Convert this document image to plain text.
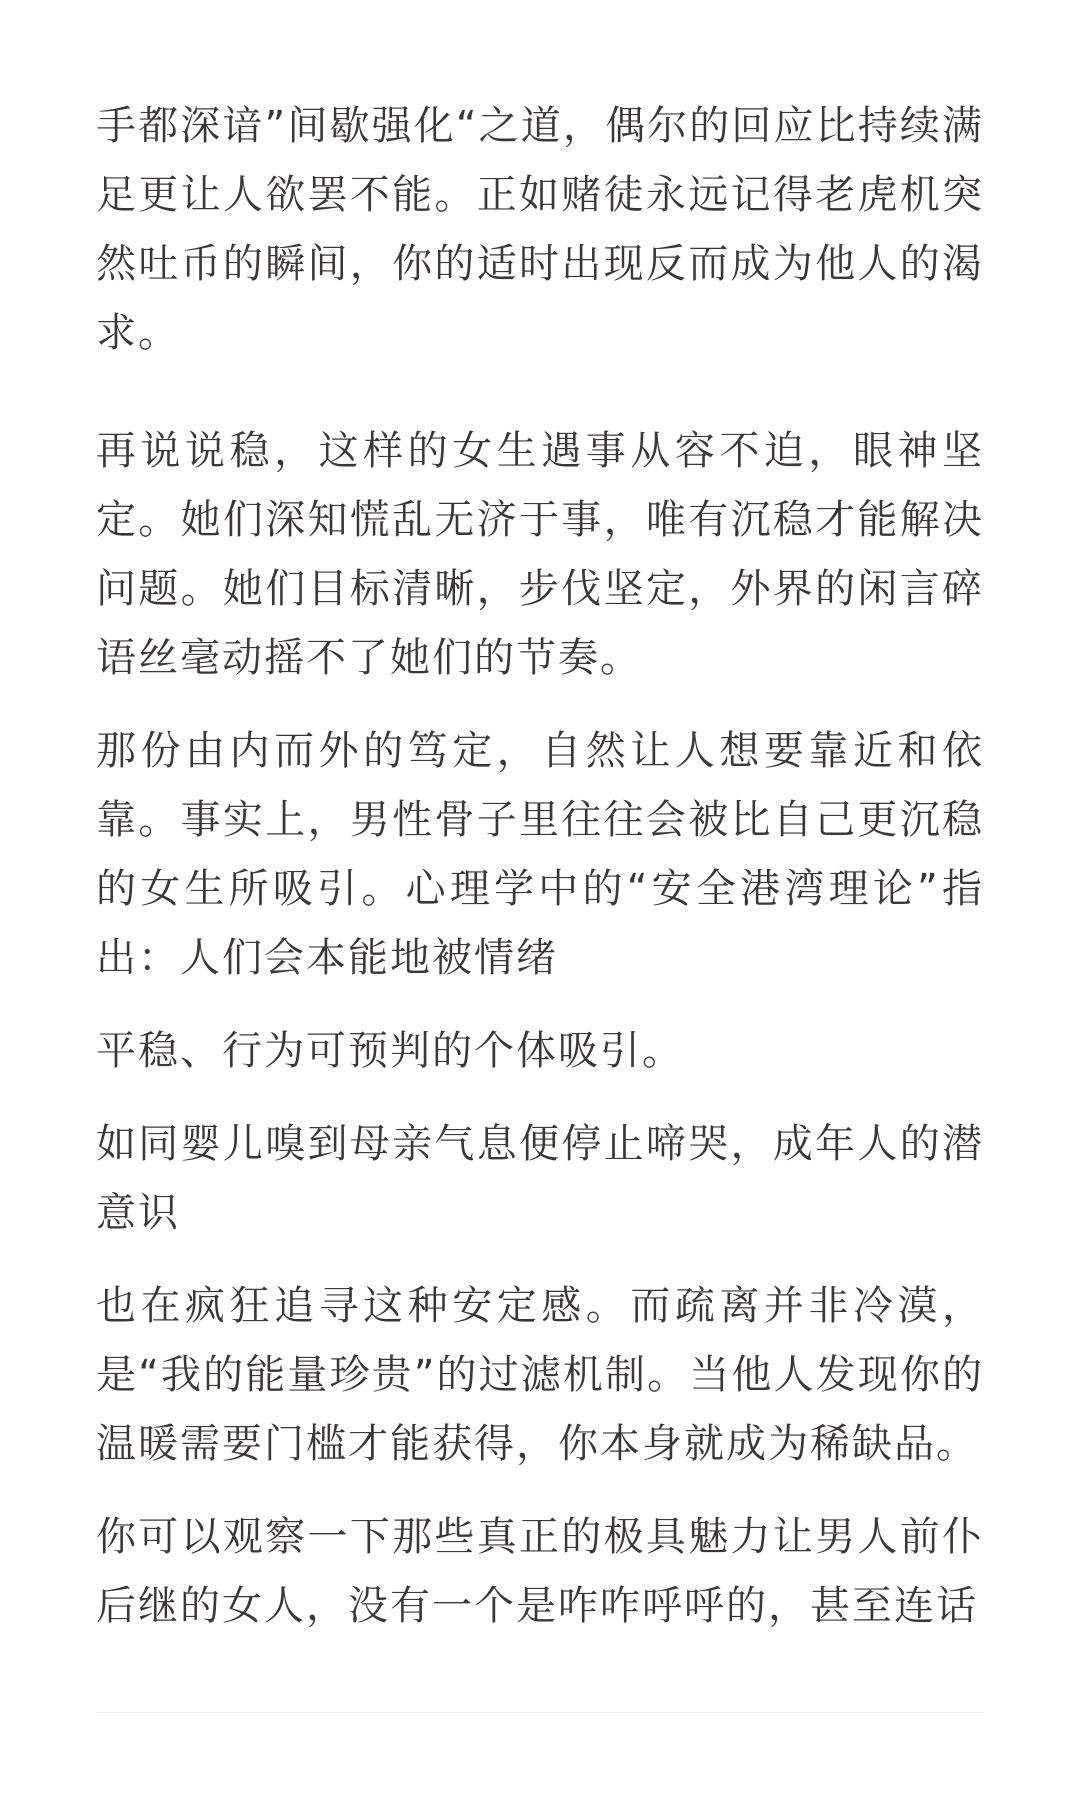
手都深谙”间歇强化“之道，偶尔的回应比持续满足更让人欲罢不能。正如赌徒永远记得老虎机突然吐币的瞬间，你的适时出现反而成为他人的渴求。

再说说稳，这样的女生遇事从容不迫，眼神坚定。她们深知慌乱无济于事，唯有沉稳才能解决问题。她们目标清晰，步伐坚定，外界的闲言碎语丝毫动摇不了她们的节奏。

那份由内而外的笃定，自然让人想要靠近和依靠。事实上，男性骨子里往往会被比自己更沉稳的女生所吸引。心理学中的“安全港湾理论”指出：人们会本能地被情绪

平稳、行为可预判的个体吸引。

如同婴儿嗅到母亲气息便停止啼哭，成年人的潜意识

也在疯狂追寻这种安定感。而疏离并非冷漠，是“我的能量珍贵”的过滤机制。当他人发现你的温暖需要门槛才能获得，你本身就成为稀缺品。

你可以观察一下那些真正的极具魅力让男人前仆后继的女人，没有一个是咋咋呼呼的，甚至连话
